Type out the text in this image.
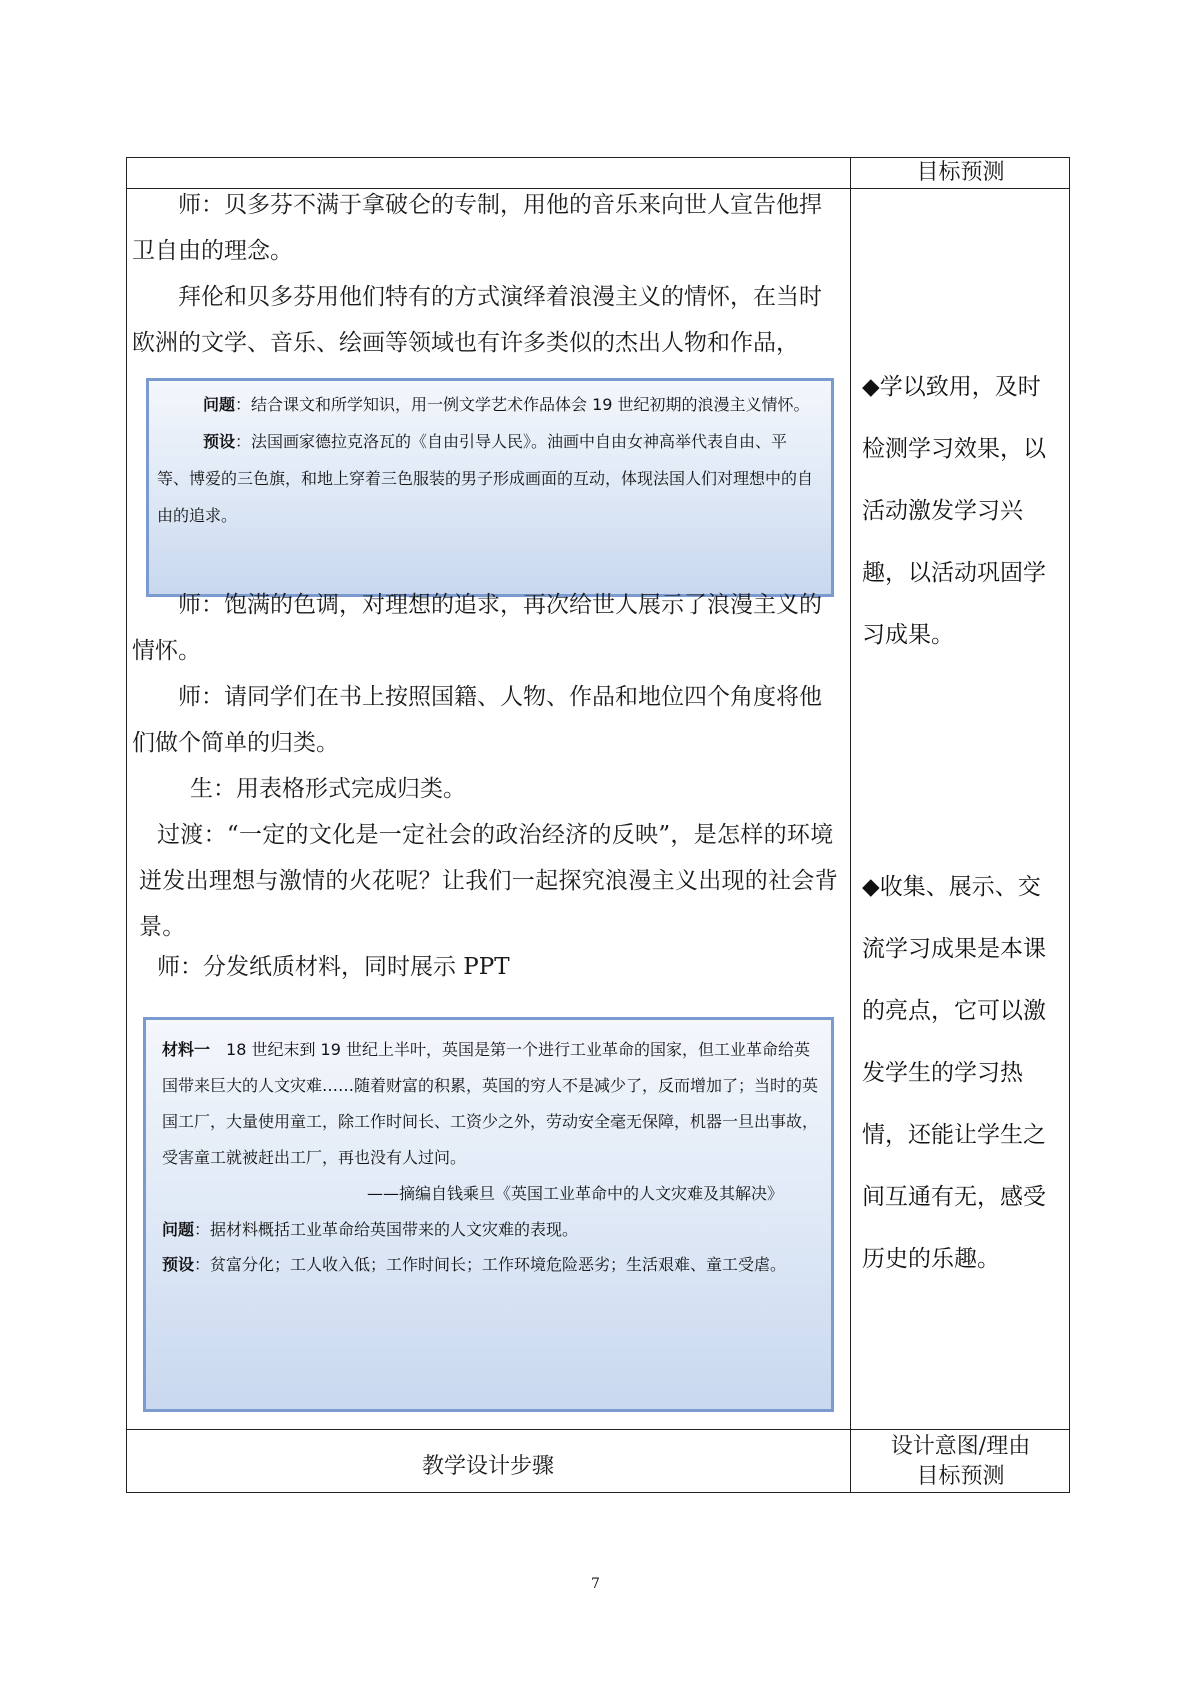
目标预测
师：贝多芬不满于拿破仑的专制，用他的音乐来向世人宣告他捍卫自由的理念。
拜伦和贝多芬用他们特有的方式演绎着浪漫主义的情怀，在当时欧洲的文学、音乐、绘画等领域也有许多类似的杰出人物和作品，

问题：结合课文和所学知识，用一例文学艺术作品体会 19 世纪初期的浪漫主义情怀。

预设：法国画家德拉克洛瓦的《自由引导人民》。油画中自由女神高举代表自由、平等、博爱的三色旗，和地上穿着三色服装的男子形成画面的互动，体现法国人们对理想中的自由的追求。

师：饱满的色调，对理想的追求，再次给世人展示了浪漫主义的情怀。
师：请同学们在书上按照国籍、人物、作品和地位四个角度将他们做个简单的归类。
生：用表格形式完成归类。
过渡：“一定的文化是一定社会的政治经济的反映”，是怎样的环境迸发出理想与激情的火花呢？让我们一起探究浪漫主义出现的社会背景。
师：分发纸质材料，同时展示 PPT

材料一　18 世纪末到 19 世纪上半叶，英国是第一个进行工业革命的国家，但工业革命给英国带来巨大的人文灾难……随着财富的积累，英国的穷人不是减少了，反而增加了；当时的英国工厂，大量使用童工，除工作时间长、工资少之外，劳动安全毫无保障，机器一旦出事故，受害童工就被赶出工厂，再也没有人过问。

——摘编自钱乘旦《英国工业革命中的人文灾难及其解决》

问题：据材料概括工业革命给英国带来的人文灾难的表现。

预设：贫富分化；工人收入低；工作时间长；工作环境危险恶劣；生活艰难、童工受虐。

◆学以致用，及时检测学习效果，以活动激发学习兴趣，以活动巩固学习成果。
◆收集、展示、交流学习成果是本课的亮点，它可以激发学生的学习热情，还能让学生之间互通有无，感受历史的乐趣。
教学设计步骤
设计意图/理由
目标预测
7
